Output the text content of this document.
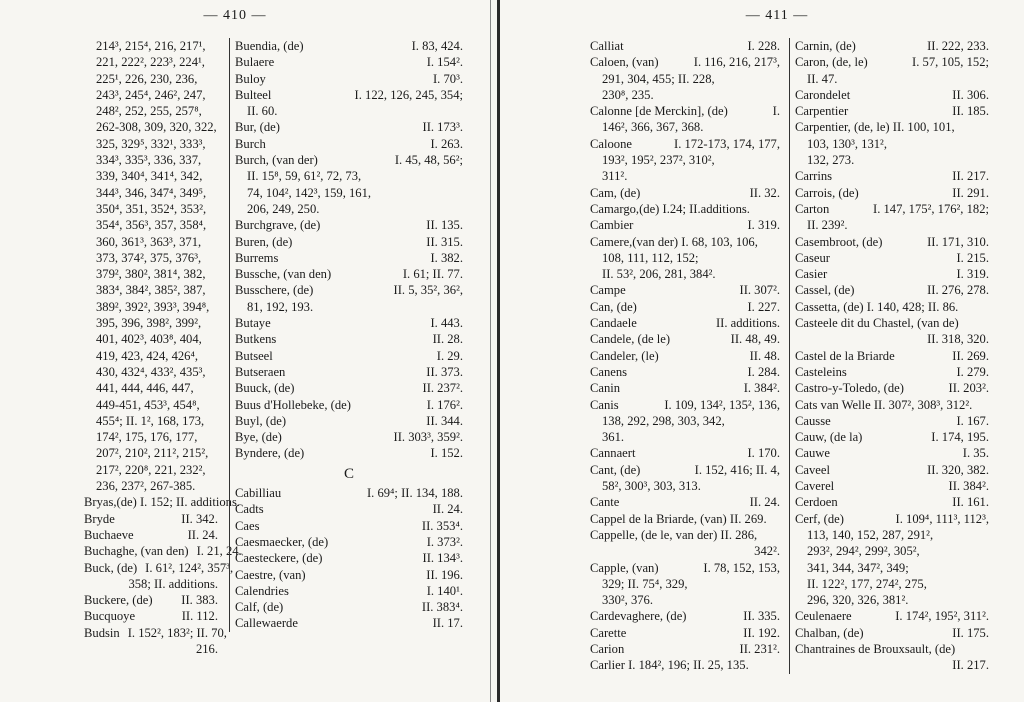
— 410 —
214³, 215⁴, 216, 217¹,
221, 222², 223³, 224¹,
225¹, 226, 230, 236,
243³, 245⁴, 246², 247,
248², 252, 255, 257⁸,
262-308, 309, 320, 322,
325, 329⁵, 332¹, 333³,
334³, 335³, 336, 337,
339, 340⁴, 341⁴, 342,
344³, 346, 347⁴, 349⁵,
350⁴, 351, 352⁴, 353²,
354⁴, 356³, 357, 358⁴,
360, 361³, 363³, 371,
373, 374², 375, 376³,
379², 380², 381⁴, 382,
383⁴, 384², 385², 387,
389², 392², 393³, 394⁸,
395, 396, 398², 399²,
401, 402³, 403⁸, 404,
419, 423, 424, 426⁴,
430, 432⁴, 433², 435³,
441, 444, 446, 447,
449-451, 453³, 454⁸,
455⁴; II. 1², 168, 173,
174², 175, 176, 177,
207², 210², 211², 215²,
217², 220⁸, 221, 232²,
236, 237², 267-385.
Bryas,(de) I. 152; II. additions.
Bryde	II. 342.
Buchaeve	II. 24.
Buchaghe, (van den) I. 21, 24.
Buck, (de) I. 61², 124², 357³,
358; II. additions.
Buckere, (de)	II. 383.
Bucquoye	II. 112.
Budsin I. 152², 183²; II. 70,
216.
Buendia, (de)	I. 83, 424.
Bulaere	I. 154².
Buloy	I. 70³.
Bulteel	I. 122, 126, 245, 354;
II. 60.
Bur, (de)	II. 173³.
Burch	I. 263.
Burch, (van der)	I. 45, 48, 56²;
II. 15⁸, 59, 61², 72, 73,
74, 104², 142³, 159, 161,
206, 249, 250.
Burchgrave, (de)	II. 135.
Buren, (de)	II. 315.
Burrems	I. 382.
Bussche, (van den)	I. 61; II. 77.
Busschere, (de)	II. 5, 35², 36²,
81, 192, 193.
Butaye	I. 443.
Butkens	II. 28.
Butseel	I. 29.
Butseraen	II. 373.
Buuck, (de)	II. 237².
Buus d'Hollebeke, (de)	I. 176².
Buyl, (de)	II. 344.
Bye, (de)	II. 303³, 359².
Byndere, (de)	I. 152.
C
Cabilliau	I. 69⁴; II. 134, 188.
Cadts	II. 24.
Caes	II. 353⁴.
Caesmaecker, (de)	I. 373².
Caesteckere, (de)	II. 134³.
Caestre, (van)	II. 196.
Calendries	I. 140¹.
Calf, (de)	II. 383⁴.
Callewaerde	II. 17.
— 411 —
Calliat	I. 228.
Caloen, (van)	I. 116, 216, 217³,
291, 304, 455; II. 228,
230⁸, 235.
Calonne [de Merckin], (de)	I.
146², 366, 367, 368.
Caloone	I. 172-173, 174, 177,
193², 195², 237², 310²,
311².
Cam, (de)	II. 32.
Camargo,(de) I.24; II.additions.
Cambier	I. 319.
Camere,(van der) I. 68, 103, 106,
108, 111, 112, 152;
II. 53², 206, 281, 384².
Campe	II. 307².
Can, (de)	I. 227.
Candaele	II. additions.
Candele, (de le)	II. 48, 49.
Candeler, (le)	II. 48.
Canens	I. 284.
Canin	I. 384².
Canis	I. 109, 134², 135², 136,
138, 292, 298, 303, 342,
361.
Cannaert	I. 170.
Cant, (de)	I. 152, 416; II. 4,
58², 300³, 303, 313.
Cante	II. 24.
Cappel de la Briarde, (van) II. 269.
Cappelle, (de le, van der) II. 286,
342².
Capple, (van)	I. 78, 152, 153,
329; II. 75⁴, 329,
330², 376.
Cardevaghere, (de)	II. 335.
Carette	II. 192.
Carion	II. 231².
Carlier I. 184², 196; II. 25, 135.
Carnin, (de)	II. 222, 233.
Caron, (de, le)	I. 57, 105, 152;
II. 47.
Carondelet	II. 306.
Carpentier	II. 185.
Carpentier, (de, le) II. 100, 101,
103, 130³, 131²,
132, 273.
Carrins	II. 217.
Carrois, (de)	II. 291.
Carton	I. 147, 175², 176², 182;
II. 239².
Casembroot, (de)	II. 171, 310.
Caseur	I. 215.
Casier	I. 319.
Cassel, (de)	II. 276, 278.
Cassetta, (de) I. 140, 428; II. 86.
Casteele dit du Chastel, (van de)
II. 318, 320.
Castel de la Briarde	II. 269.
Casteleins	I. 279.
Castro-y-Toledo, (de)	II. 203².
Cats van Welle II. 307², 308³, 312².
Causse	I. 167.
Cauw, (de la)	I. 174, 195.
Cauwe	I. 35.
Caveel	II. 320, 382.
Caverel	II. 384².
Cerdoen	II. 161.
Cerf, (de)	I. 109⁴, 111³, 112³,
113, 140, 152, 287, 291²,
293², 294², 299², 305²,
341, 344, 347², 349;
II. 122², 177, 274², 275,
296, 320, 326, 381².
Ceulenaere	I. 174², 195², 311².
Chalban, (de)	II. 175.
Chantraines de Brouxsault, (de)
II. 217.
